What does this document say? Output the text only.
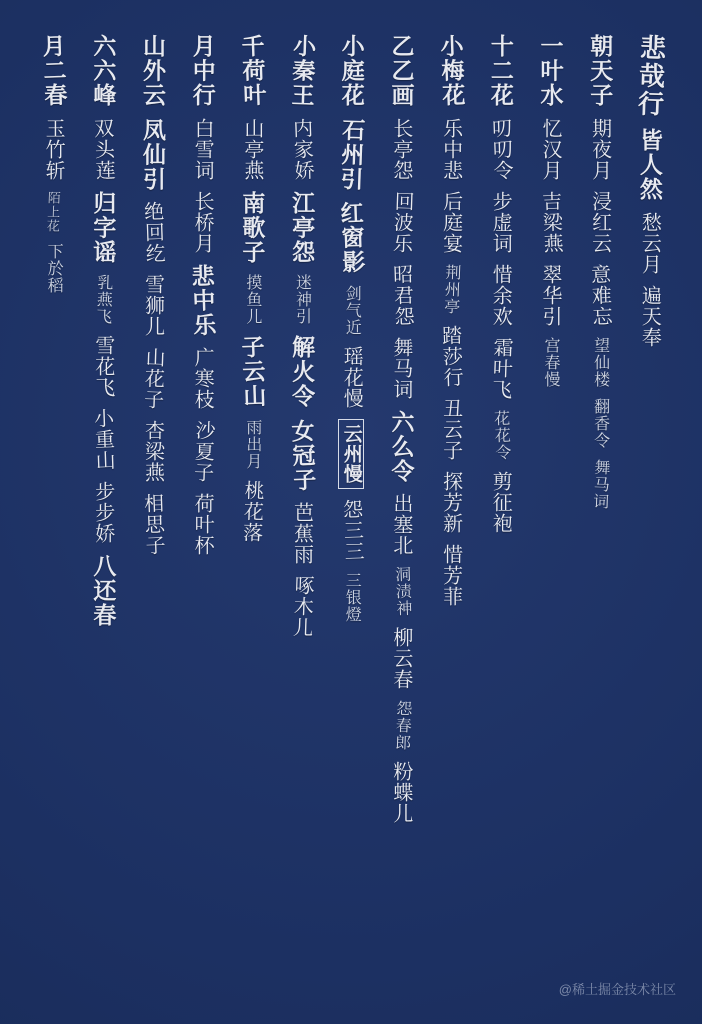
悲哉行
皆人然
愁云月
遍天奉
朝天子
期夜月
浸红云
意难忘
望仙楼
翻香令
舞马词
一叶水
忆汉月
吉梁燕
翠华引
宫春慢
十二花
叨叨令
步虚词
惜余欢
霜叶飞
花花令
剪征袍
小梅花
乐中悲
后庭宴
荆州亭
踏莎行
丑云子
探芳新
惜芳菲
乙乙画
长亭怨
回波乐
昭君怨
舞马词
六么令
出塞北
洞渍神
柳云春
怨春郎
粉蝶儿
小庭花
石州引
红窗影
剑气近
瑶花慢
云州慢
怨三三
三银燈
小秦王
内家娇
江亭怨
迷神引
解火令
女冠子
芭蕉雨
啄木儿
千荷叶
山亭燕
南歌子
摸鱼儿
子云山
雨出月
桃花落
月中行
白雪词
长桥月
悲中乐
广寒枝
沙夏子
荷叶杯
山外云
凤仙引
绝回纥
雪狮儿
山花子
杏梁燕
相思子
六六峰
双头莲
归字谣
乳燕飞
雪花飞
小重山
步步娇
八还春
月二春
玉竹斩
陌上花
下於稻
@稀土掘金技术社区
